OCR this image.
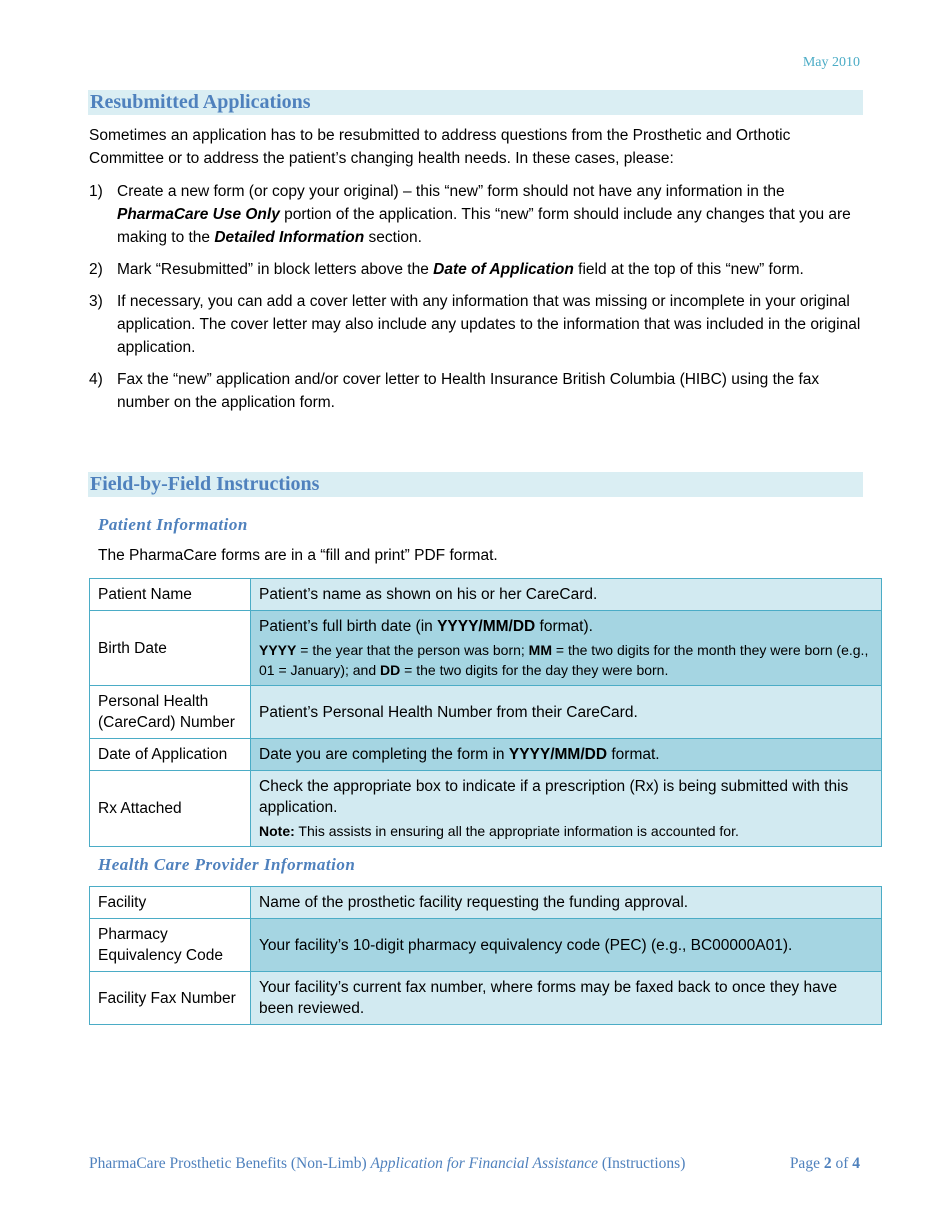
May 2010
Resubmitted Applications
Sometimes an application has to be resubmitted to address questions from the Prosthetic and Orthotic Committee or to address the patient’s changing health needs. In these cases, please:
1) Create a new form (or copy your original) – this “new” form should not have any information in the PharmaCare Use Only portion of the application. This “new” form should include any changes that you are making to the Detailed Information section.
2) Mark “Resubmitted” in block letters above the Date of Application field at the top of this “new” form.
3) If necessary, you can add a cover letter with any information that was missing or incomplete in your original application. The cover letter may also include any updates to the information that was included in the original application.
4) Fax the “new” application and/or cover letter to Health Insurance British Columbia (HIBC) using the fax number on the application form.
Field-by-Field Instructions
Patient Information
The PharmaCare forms are in a “fill and print” PDF format.
Patient Name	Patient’s name as shown on his or her CareCard.
Birth Date	Patient’s full birth date (in YYYY/MM/DD format).
YYYY = the year that the person was born; MM = the two digits for the month they were born (e.g., 01 = January); and DD = the two digits for the day they were born.

Personal Health (CareCard) Number	Patient’s Personal Health Number from their CareCard.
Date of Application	Date you are completing the form in YYYY/MM/DD format.
Rx Attached	Check the appropriate box to indicate if a prescription (Rx) is being submitted with this application.
Note: This assists in ensuring all the appropriate information is accounted for.
Health Care Provider Information
Facility	Name of the prosthetic facility requesting the funding approval.
Pharmacy Equivalency Code	Your facility’s 10-digit pharmacy equivalency code (PEC) (e.g., BC00000A01).
Facility Fax Number	Your facility’s current fax number, where forms may be faxed back to once they have been reviewed.
PharmaCare Prosthetic Benefits (Non-Limb) Application for Financial Assistance (Instructions)	Page 2 of 4
